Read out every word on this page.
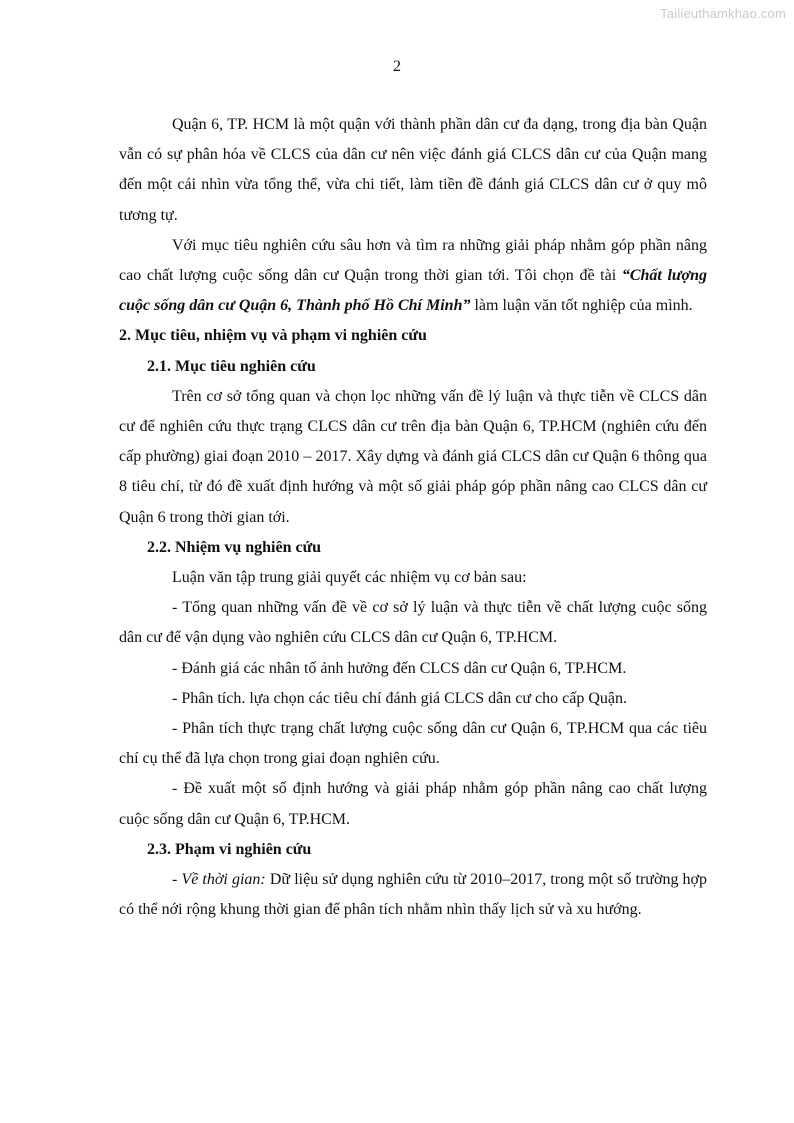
Tailieuthamkhao.com
2

Quận 6, TP. HCM là một quận với thành phần dân cư đa dạng, trong địa bàn Quận vẫn có sự phân hóa về CLCS của dân cư nên việc đánh giá CLCS dân cư của Quận mang đến một cái nhìn vừa tổng thể, vừa chi tiết, làm tiền đề đánh giá CLCS dân cư ở quy mô tương tự.

Với mục tiêu nghiên cứu sâu hơn và tìm ra những giải pháp nhằm góp phần nâng cao chất lượng cuộc sống dân cư Quận trong thời gian tới. Tôi chọn đề tài “Chất lượng cuộc sống dân cư Quận 6, Thành phố Hồ Chí Minh” làm luận văn tốt nghiệp của mình.

2. Mục tiêu, nhiệm vụ và phạm vi nghiên cứu

2.1. Mục tiêu nghiên cứu

Trên cơ sở tổng quan và chọn lọc những vấn đề lý luận và thực tiễn về CLCS dân cư để nghiên cứu thực trạng CLCS dân cư trên địa bàn Quận 6, TP.HCM (nghiên cứu đến cấp phường) giai đoạn 2010 – 2017. Xây dựng và đánh giá CLCS dân cư Quận 6 thông qua 8 tiêu chí, từ đó đề xuất định hướng và một số giải pháp góp phần nâng cao CLCS dân cư Quận 6 trong thời gian tới.

2.2. Nhiệm vụ nghiên cứu

Luận văn tập trung giải quyết các nhiệm vụ cơ bản sau:

- Tổng quan những vấn đề về cơ sở lý luận và thực tiễn về chất lượng cuộc sống dân cư để vận dụng vào nghiên cứu CLCS dân cư Quận 6, TP.HCM.

- Đánh giá các nhân tố ảnh hưởng đến CLCS dân cư Quận 6, TP.HCM.

- Phân tích. lựa chọn các tiêu chí đánh giá CLCS dân cư cho cấp Quận.

- Phân tích thực trạng chất lượng cuộc sống dân cư Quận 6, TP.HCM qua các tiêu chí cụ thể đã lựa chọn trong giai đoạn nghiên cứu.

- Đề xuất một số định hướng và giải pháp nhằm góp phần nâng cao chất lượng cuộc sống dân cư Quận 6, TP.HCM.

2.3. Phạm vi nghiên cứu

- Về thời gian: Dữ liệu sử dụng nghiên cứu từ 2010–2017, trong một số trường hợp có thể nới rộng khung thời gian để phân tích nhằm nhìn thấy lịch sử và xu hướng.
